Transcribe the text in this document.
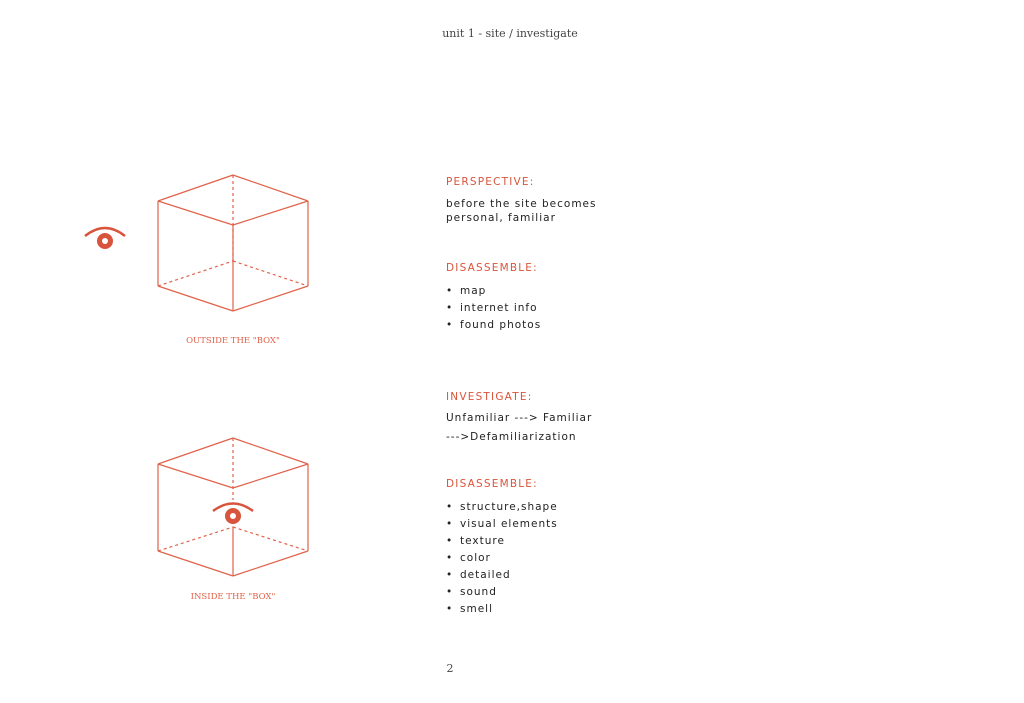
unit 1 - site / investigate
OUTSIDE THE "BOX"
INSIDE THE "BOX"
PERSPECTIVE:
before the site becomes
personal, familiar
DISASSEMBLE:
• map
• internet info
• found photos
INVESTIGATE:
Unfamiliar ---> Familiar
--->Defamiliarization
DISASSEMBLE:
• structure,shape
• visual elements
• texture
• color
• detailed
• sound
• smell
2
